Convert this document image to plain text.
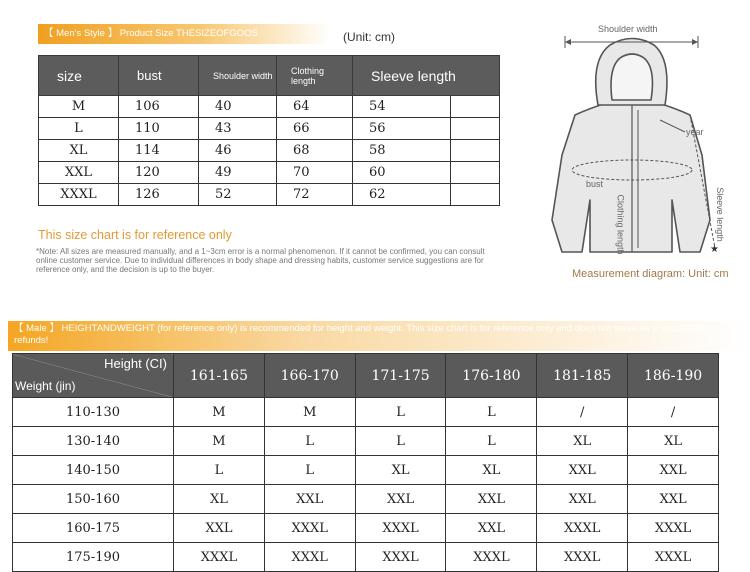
【 Men's Style 】 Product Size THESIZEOFGOOS	(Unit: cm)
size	bust	Shoulder width	Clothing length	Sleeve length	
M	106	40	64	54	
L	110	43	66	56	
XL	114	46	68	58	
XXL	120	49	70	60	
XXXL	126	52	72	62	
This size chart is for reference only
*Note: All sizes are measured manually, and a 1~3cm error is a normal phenomenon. If it cannot be confirmed, you can consult online customer service. Due to individual differences in body shape and dressing habits, customer service suggestions are for reference only, and the decision is up to the buyer.
★
Shoulder width
year
bust
Clothing length	Sleeve length
Measurement diagram: Unit: cm
【 Male 】 HEIGHTANDWEIGHT (for reference only) is recommended for height and weight. This size chart is for reference only and does not serve as a voucher for refunds!
Height (CI)
Weight (jin)	161-165	166-170	171-175	176-180	181-185	186-190
110-130	M	M	L	L	/	/
130-140	M	L	L	L	XL	XL
140-150	L	L	XL	XL	XXL	XXL
150-160	XL	XXL	XXL	XXL	XXL	XXL
160-175	XXL	XXXL	XXXL	XXL	XXXL	XXXL
175-190	XXXL	XXXL	XXXL	XXXL	XXXL	XXXL
